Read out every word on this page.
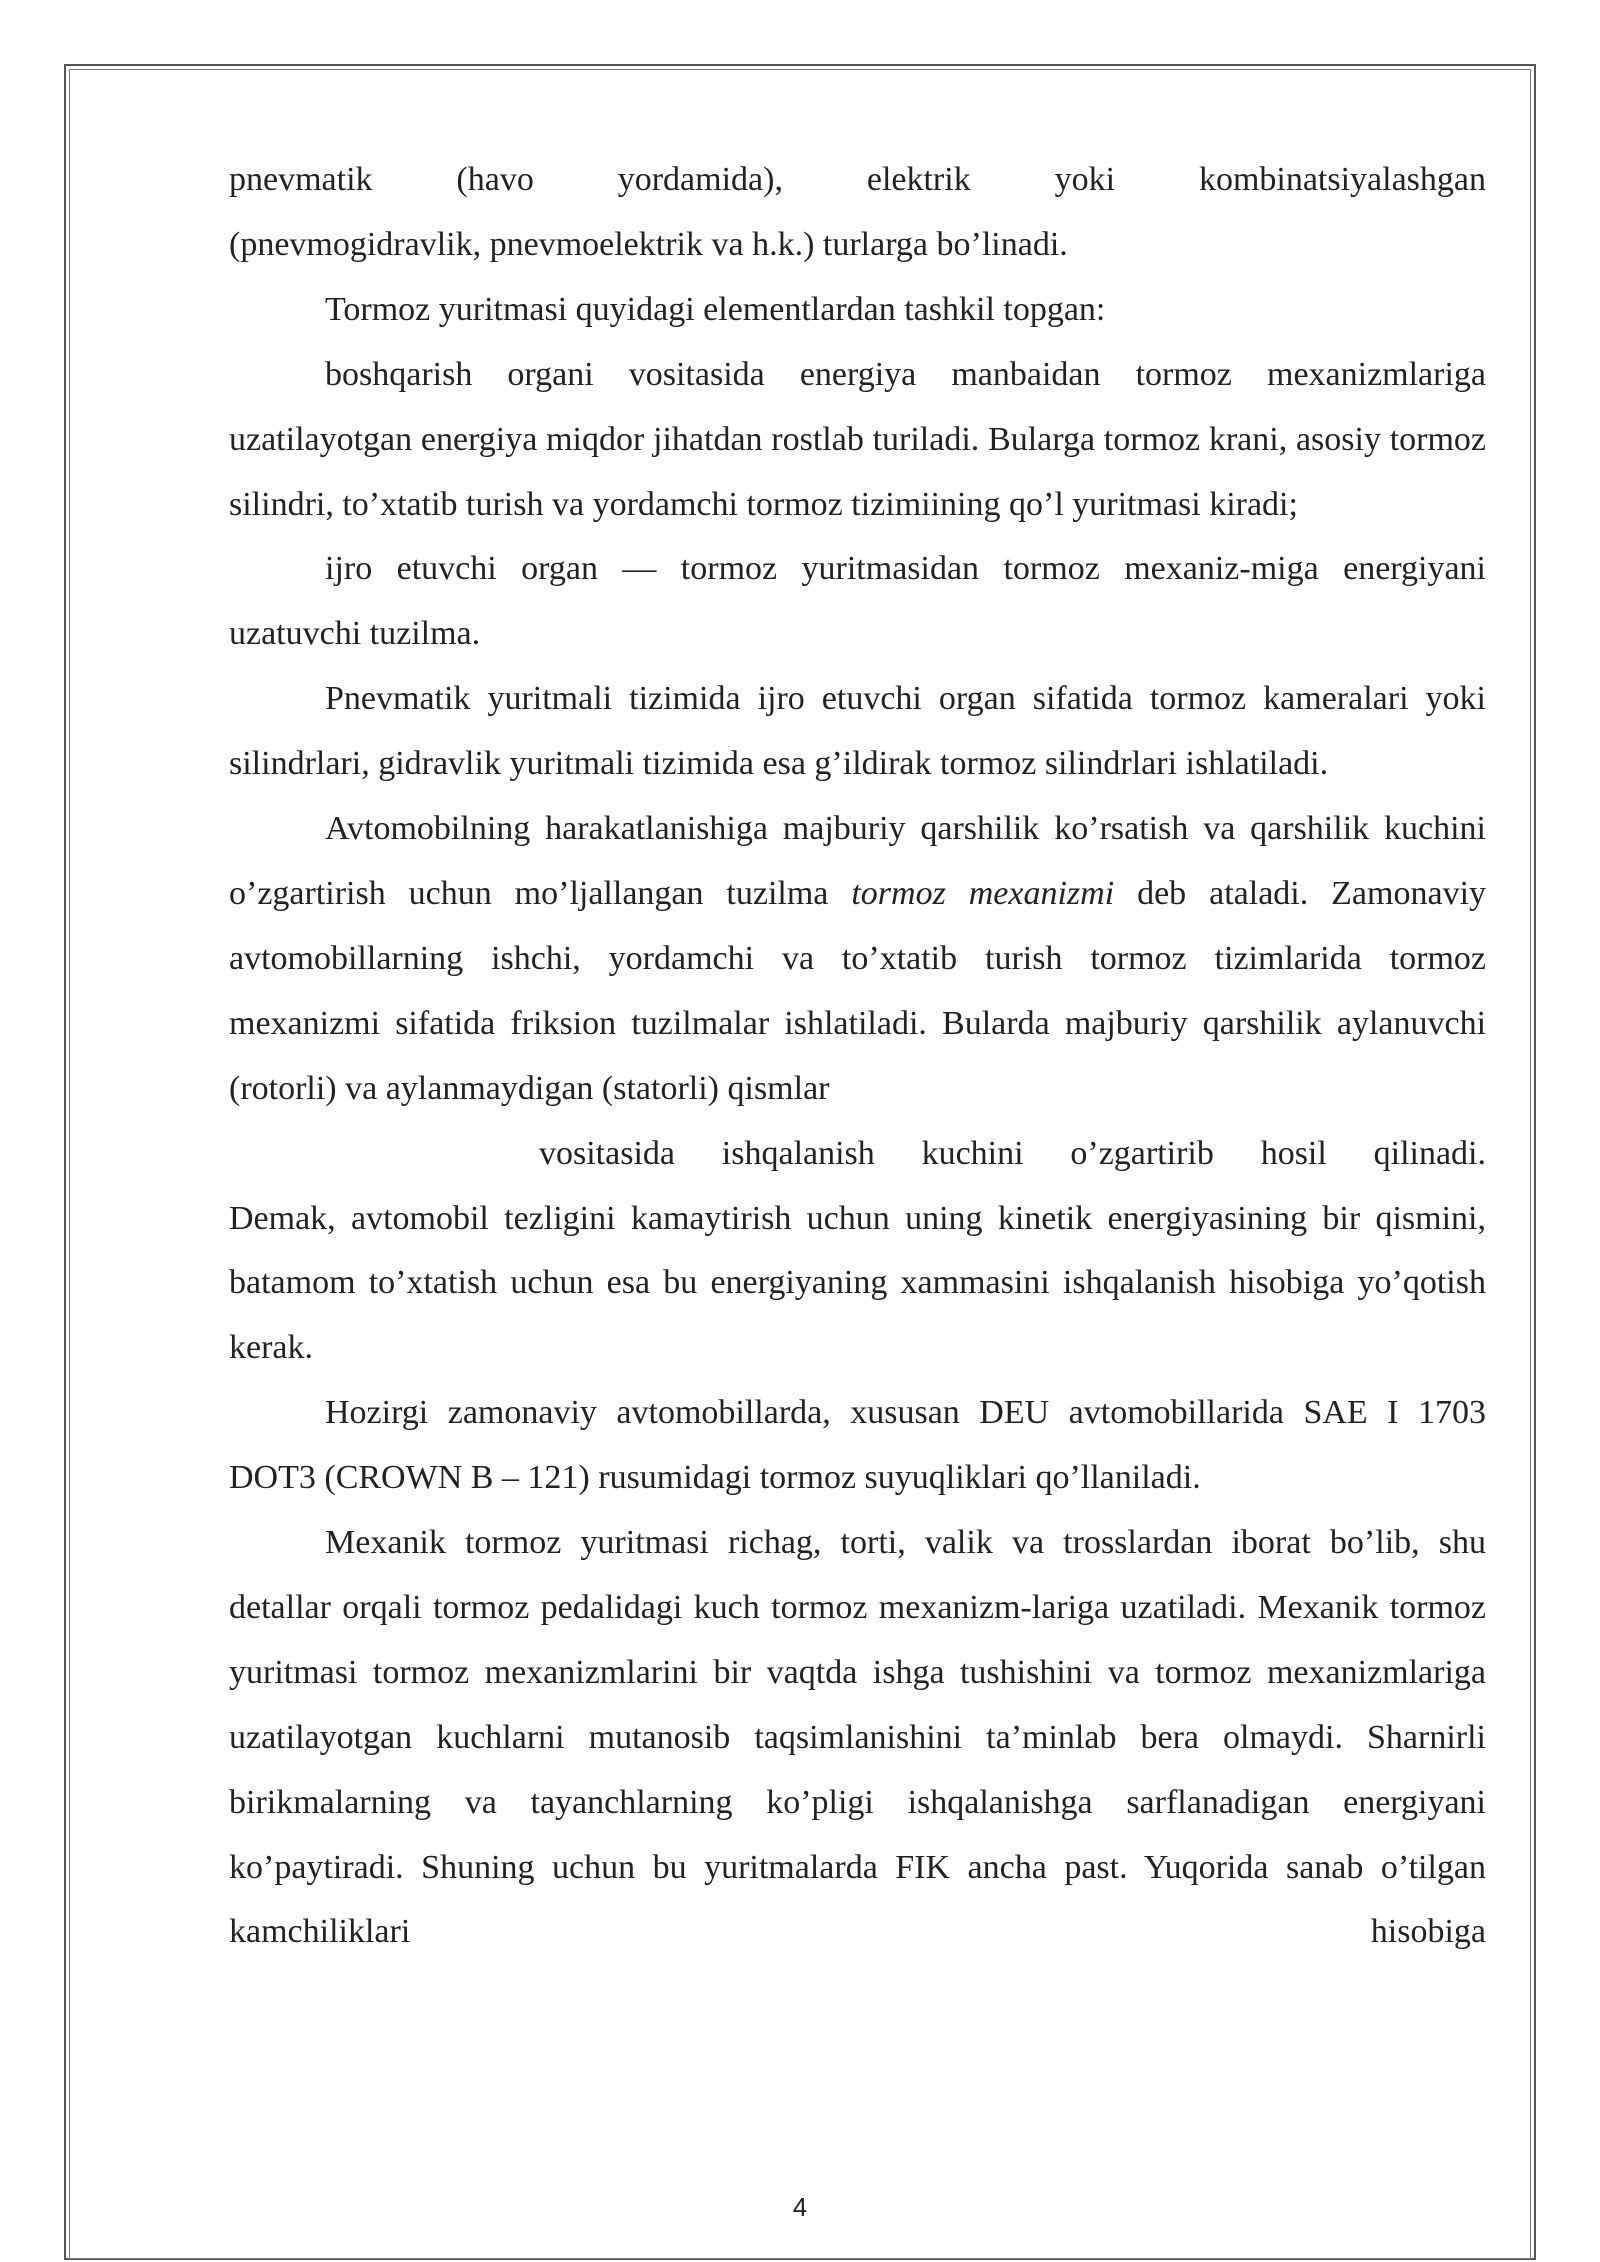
pnevmatik (havo yordamida), elektrik yoki kombinatsiyalashgan

(pnevmogidravlik, pnevmoelektrik va h.k.) turlarga bo’linadi.

Tormoz yuritmasi quyidagi elementlardan tashkil topgan:

boshqarish organi vositasida energiya manbaidan tormoz mexanizmlariga uzatilayotgan energiya miqdor jihatdan rostlab turiladi. Bularga tormoz krani, asosiy tormoz silindri, to’xtatib turish va yordamchi tormoz tizimiining qo’l yuritmasi kiradi;

ijro etuvchi organ — tormoz yuritmasidan tormoz mexaniz-miga energiyani uzatuvchi tuzilma.

Pnevmatik yuritmali tizimida ijro etuvchi organ sifatida tormoz kameralari yoki silindrlari, gidravlik yuritmali tizimida esa g’ildirak tormoz silindrlari ishlatiladi.

Avtomobilning harakatlanishiga majburiy qarshilik ko’rsatish va qarshilik kuchini o’zgartirish uchun mo’ljallangan tuzilma tormoz mexanizmi deb ataladi. Zamonaviy avtomobillarning ishchi, yordamchi va to’xtatib turish tormoz tizimlarida tormoz mexanizmi sifatida friksion tuzilmalar ishlatiladi. Bularda majburiy qarshilik aylanuvchi (rotorli) va aylanmaydigan (statorli) qismlar

vositasida ishqalanish kuchini o’zgartirib hosil qilinadi.

Demak, avtomobil tezligini kamaytirish uchun uning kinetik energiyasining bir qismini, batamom to’xtatish uchun esa bu energiyaning xammasini ishqalanish hisobiga yo’qotish kerak.

Hozirgi zamonaviy avtomobillarda, xususan DEU avtomobillarida SAE I 1703 DOT3 (CROWN B – 121) rusumidagi tormoz suyuqliklari qo’llaniladi.

Mexanik tormoz yuritmasi richag, torti, valik va trosslardan iborat bo’lib, shu detallar orqali tormoz pedalidagi kuch tormoz mexanizm-lariga uzatiladi. Mexanik tormoz yuritmasi tormoz mexanizmlarini bir vaqtda ishga tushishini va tormoz mexanizmlariga uzatilayotgan kuchlarni mutanosib taqsimlanishini ta’minlab bera olmaydi. Sharnirli birikmalarning va tayanchlarning ko’pligi ishqalanishga sarflanadigan energiyani ko’paytiradi. Shuning uchun bu yuritmalarda FIK ancha past. Yuqorida sanab o’tilgan kamchiliklari hisobiga

4
